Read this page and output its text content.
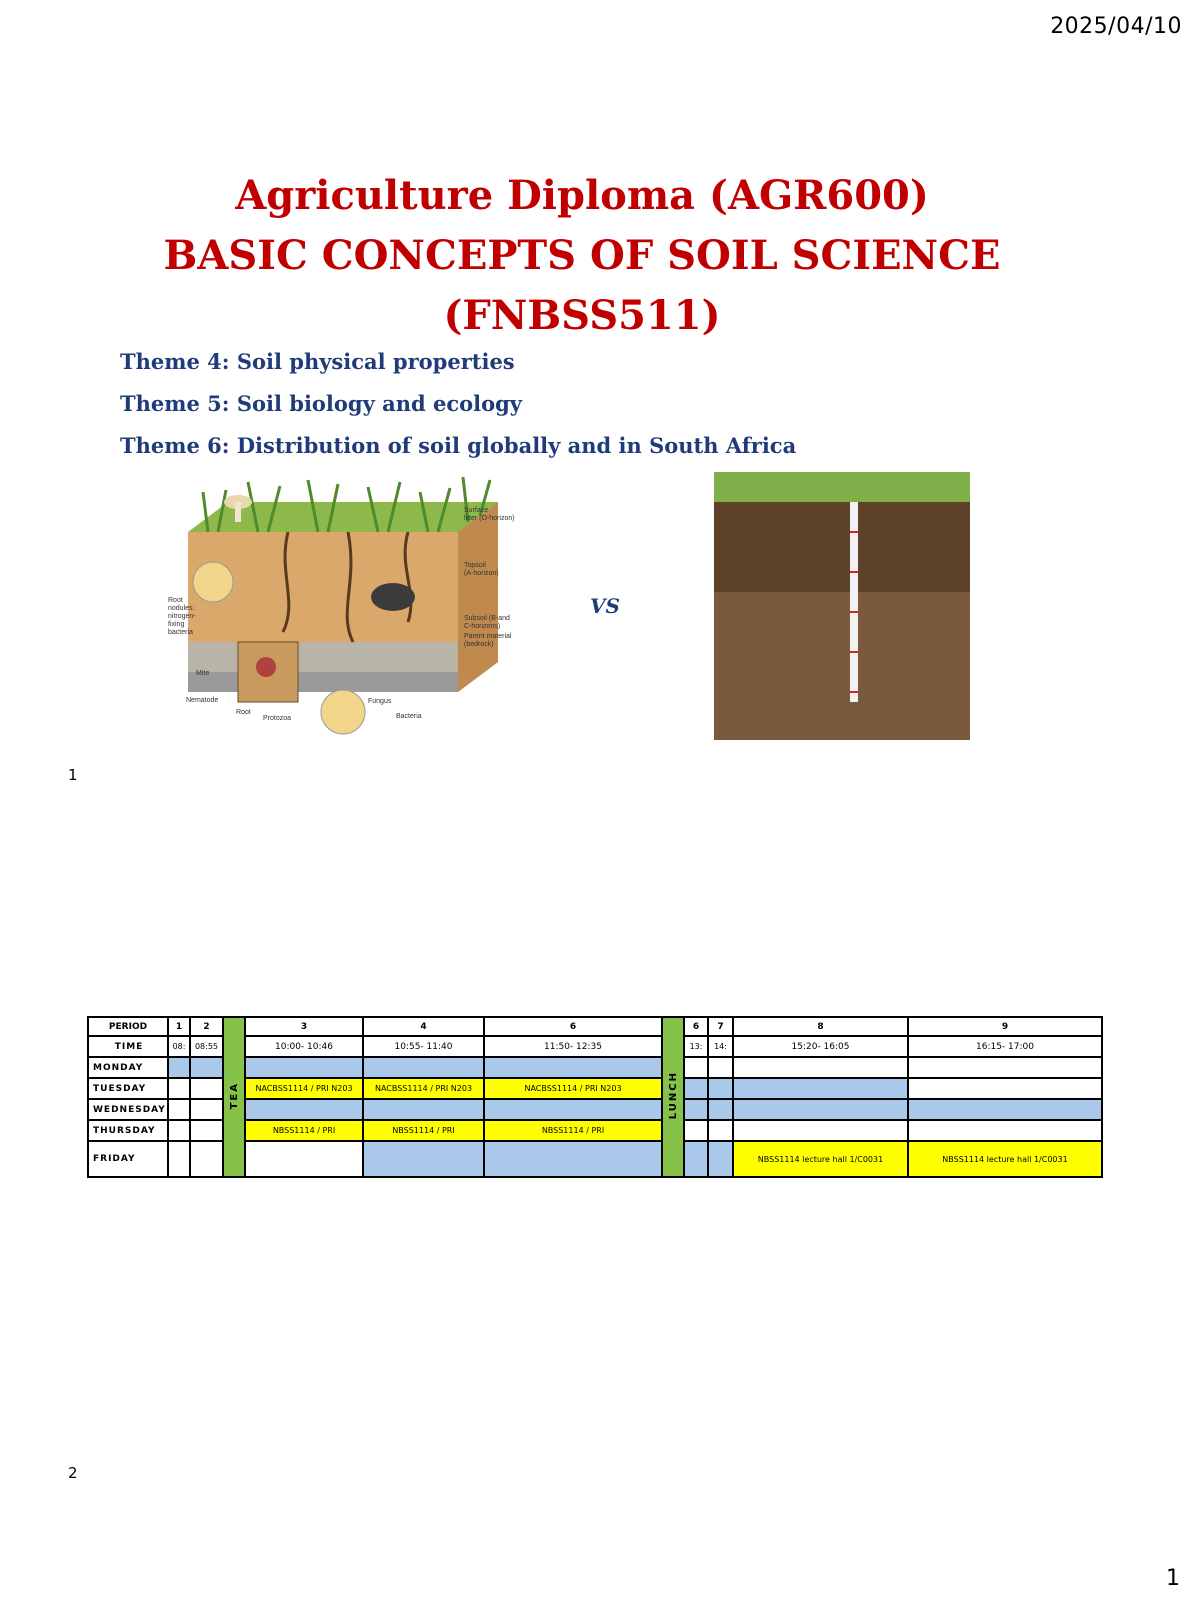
2025/04/10
Agriculture Diploma (AGR600)
BASIC CONCEPTS OF SOIL SCIENCE
(FNBSS511)
Theme 4: Soil physical properties
Theme 5: Soil biology and ecology
Theme 6: Distribution of soil globally and in South Africa
Surface
litter (O-horizon)
Topsoil
(A-horizon)
Subsoil (B-and
C-horizons)
Parent material
(bedrock)
Root
nodules:
nitrogen-
fixing
bacteria
Mite
Nematode
Root
Protozoa
Fungus
Bacteria
VS
1
PERIOD	1	2	TEA	3	4	6	LUNCH	6	7	8	9
TIME	08:	08:55		10:00- 10:46	10:55- 11:40	11:50- 12:35		13:	14:	15:20- 16:05	16:15- 17:00
MONDAY											
TUESDAY				NACBSS1114 / PRI N203	NACBSS1114 / PRI N203	NACBSS1114 / PRI N203					
WEDNESDAY											
THURSDAY				NBSS1114 / PRI	NBSS1114 / PRI	NBSS1114 / PRI					
FRIDAY										NBSS1114 lecture hall 1/C0031	NBSS1114 lecture hall 1/C0031
2
1
